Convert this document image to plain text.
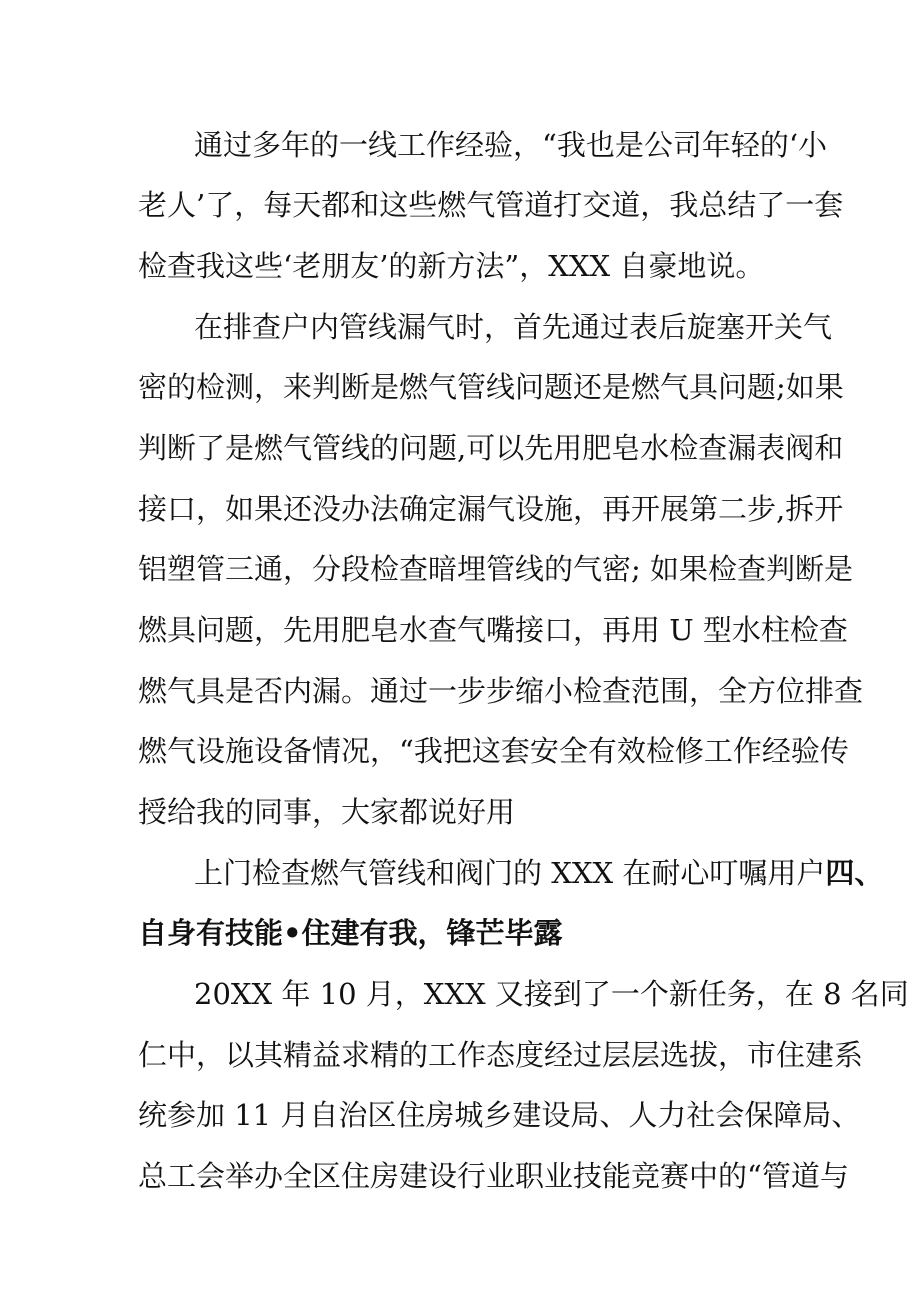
通过多年的一线工作经验，“我也是公司年轻的‘小
老人’了，每天都和这些燃气管道打交道，我总结了一套
检查我这些‘老朋友’的新方法”，XXX 自豪地说。
在排查户内管线漏气时，首先通过表后旋塞开关气
密的检测，来判断是燃气管线问题还是燃气具问题;如果
判断了是燃气管线的问题,可以先用肥皂水检查漏表阀和
接口，如果还没办法确定漏气设施，再开展第二步,拆开
铝塑管三通，分段检查暗埋管线的气密; 如果检查判断是
燃具问题，先用肥皂水查气嘴接口，再用 U 型水柱检查
燃气具是否内漏。通过一步步缩小检查范围，全方位排查
燃气设施设备情况，“我把这套安全有效检修工作经验传
授给我的同事，大家都说好用
上门检查燃气管线和阀门的 XXX 在耐心叮嘱用户四、
自身有技能•住建有我，锋芒毕露
20XX 年 10 月，XXX 又接到了一个新任务，在 8 名同
仁中，以其精益求精的工作态度经过层层选拔，市住建系
统参加 11 月自治区住房城乡建设局、人力社会保障局、
总工会举办全区住房建设行业职业技能竞赛中的“管道与
